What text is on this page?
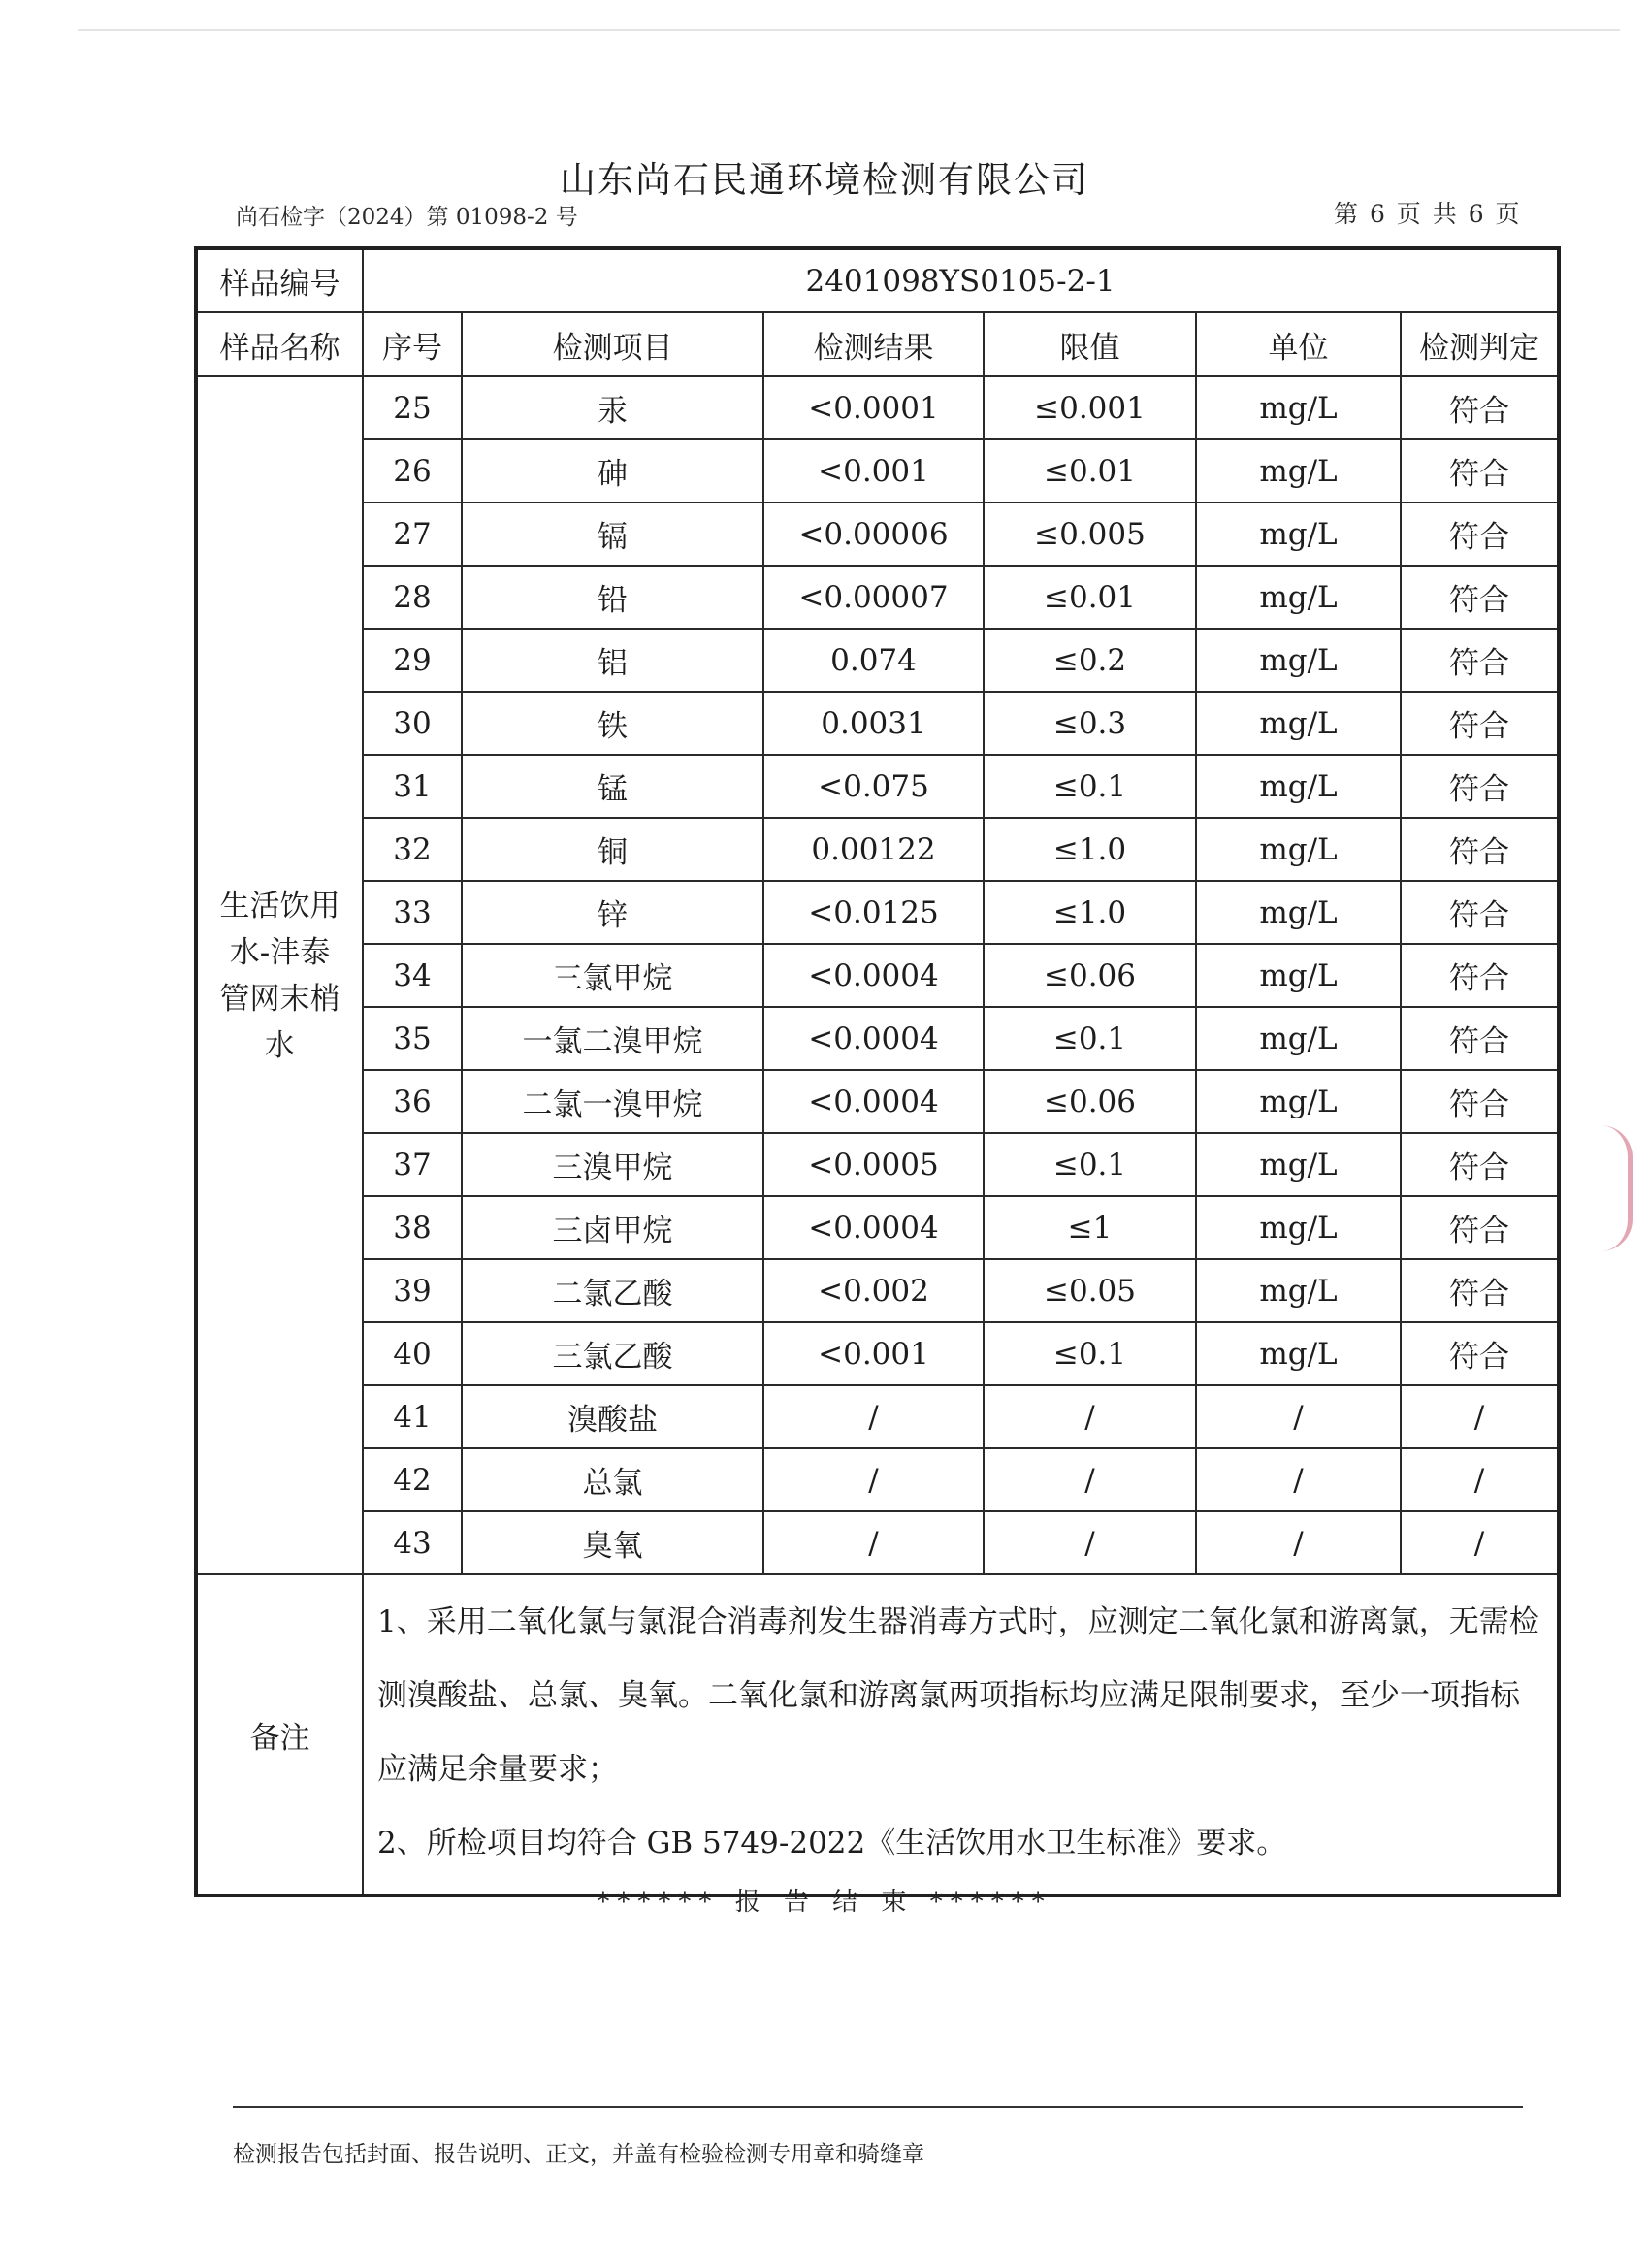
山东尚石民通环境检测有限公司
尚石检字（2024）第 01098-2 号	第 6 页 共 6 页
样品编号	2401098YS0105-2-1					
样品名称	序号	检测项目	检测结果	限值	单位	检测判定
生活饮用
水-沣泰
管网末梢
水	25	汞	<0.0001	≤0.001	mg/L	符合
	26	砷	<0.001	≤0.01	mg/L	符合
	27	镉	<0.00006	≤0.005	mg/L	符合
	28	铅	<0.00007	≤0.01	mg/L	符合
	29	铝	0.074	≤0.2	mg/L	符合
	30	铁	0.0031	≤0.3	mg/L	符合
	31	锰	<0.075	≤0.1	mg/L	符合
	32	铜	0.00122	≤1.0	mg/L	符合
	33	锌	<0.0125	≤1.0	mg/L	符合
	34	三氯甲烷	<0.0004	≤0.06	mg/L	符合
	35	一氯二溴甲烷	<0.0004	≤0.1	mg/L	符合
	36	二氯一溴甲烷	<0.0004	≤0.06	mg/L	符合
	37	三溴甲烷	<0.0005	≤0.1	mg/L	符合
	38	三卤甲烷	<0.0004	≤1	mg/L	符合
	39	二氯乙酸	<0.002	≤0.05	mg/L	符合
	40	三氯乙酸	<0.001	≤0.1	mg/L	符合
	41	溴酸盐	/	/	/	/
	42	总氯	/	/	/	/
	43	臭氧	/	/	/	/
备注	1、采用二氧化氯与氯混合消毒剂发生器消毒方式时，应测定二氧化氯和游离氯，无需检测溴酸盐、总氯、臭氧。二氧化氯和游离氯两项指标均应满足限制要求，至少一项指标应满足余量要求；
2、所检项目均符合 GB 5749-2022《生活饮用水卫生标准》要求。					
****** 报 告 结 束 ******
检测报告包括封面、报告说明、正文，并盖有检验检测专用章和骑缝章
